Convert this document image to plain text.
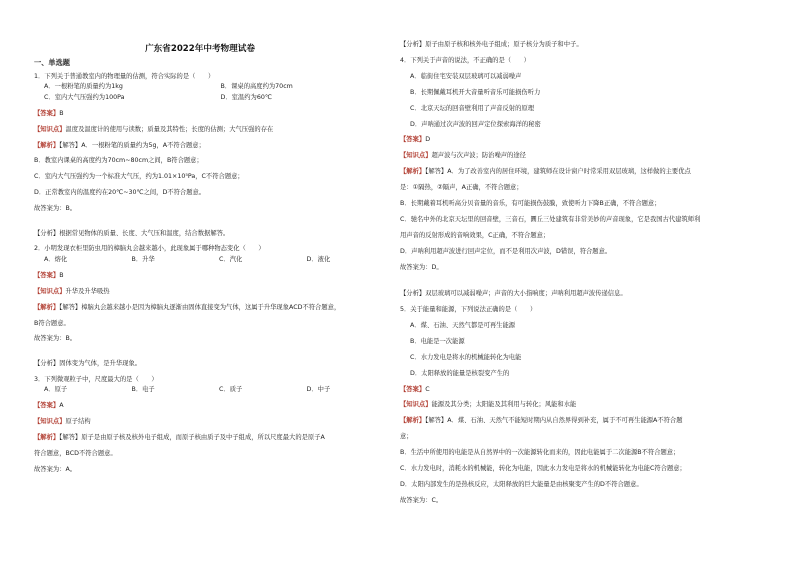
广东省2022年中考物理试卷
一、单选题
1．下列关于普通教室内的物理量的估测，符合实际的是（　　）
A．一根粉笔的质量约为1kg	B．课桌的高度约为70cm
C．室内大气压强约为100Pa	D．室温约为60℃
【答案】B
【知识点】温度及温度计的使用与读数；质量及其特性；长度的估测；大气压强的存在
【解析】【解答】A．一根粉笔的质量约为5g，A不符合题意；
B．教室内课桌的高度约为70cm~80cm之间，B符合题意；
C．室内大气压强约为一个标准大气压，约为1.01×10⁵Pa，C不符合题意；
D．正常教室内的温度约在20℃~30℃之间，D不符合题意。
故答案为：B。
【分析】根据常见物体的质量、长度、大气压和温度，结合数据解答。
2．小明发现衣柜里防虫用的樟脑丸会越来越小，此现象属于哪种物态变化（　　）
A．熔化	B．升华	C．汽化	D．液化
【答案】B
【知识点】升华及升华吸热
【解析】【解答】樟脑丸会越来越小是因为樟脑丸逐渐由固体直接变为气体，这属于升华现象ACD不符合题意，
B符合题意。
故答案为：B。
【分析】固体变为气体，是升华现象。
3．下列微观粒子中，尺度最大的是（　　）
A．原子	B．电子	C．质子	D．中子
【答案】A
【知识点】原子结构
【解析】【解答】原子是由原子核及核外电子组成，而原子核由质子及中子组成，所以尺度最大的是原子A
符合题意，BCD不符合题意。
故答案为：A。
【分析】原子由原子核和核外电子组成；原子核分为质子和中子。
4．下列关于声音的说法，不正确的是（　　）
A．临街住宅安装双层玻璃可以减弱噪声
B．长期佩戴耳机开大音量听音乐可能损伤听力
C．北京天坛的回音壁利用了声音反射的原理
D．声呐通过次声波的回声定位探索海洋的秘密
【答案】D
【知识点】超声波与次声波；防治噪声的途径
【解析】【解答】A．为了改善室内的居住环境，建筑师在设计窗户时常采用双层玻璃，这样做的主要优点
是：①隔热，②隔声，A正确，不符合题意；
B．长期戴着耳机听高分贝音量的音乐，有可能损伤鼓膜，致使听力下降B正确，不符合题意；
C．驰名中外的北京天坛里的回音壁，三音石，圜丘三处建筑有非常美妙的声音现象，它是我国古代建筑师利
用声音的反射形成的音响效果，C正确，不符合题意；
D．声呐利用超声波进行回声定位，而不是利用次声波，D错误，符合题意。
故答案为：D。
【分析】双层玻璃可以减弱噪声；声音的大小指响度；声呐利用超声波传递信息。
5．关于能量和能源，下列说法正确的是（　　）
A．煤、石油、天然气都是可再生能源
B．电能是一次能源
C．水力发电是将水的机械能转化为电能
D．太阳释放的能量是核裂变产生的
【答案】C
【知识点】能源及其分类；太阳能及其利用与转化；风能和水能
【解析】【解答】A．煤、石油、天然气不能短时期内从自然界得到补充，属于不可再生能源A不符合题
意；
B．生活中所使用的电能是从自然界中的一次能源转化而来的，因此电能属于二次能源B不符合题意；
C．水力发电时，消耗水的机械能，转化为电能，因此水力发电是将水的机械能转化为电能C符合题意；
D．太阳内部发生的是热核反应，太阳释放的巨大能量是由核聚变产生的D不符合题意。
故答案为：C。
